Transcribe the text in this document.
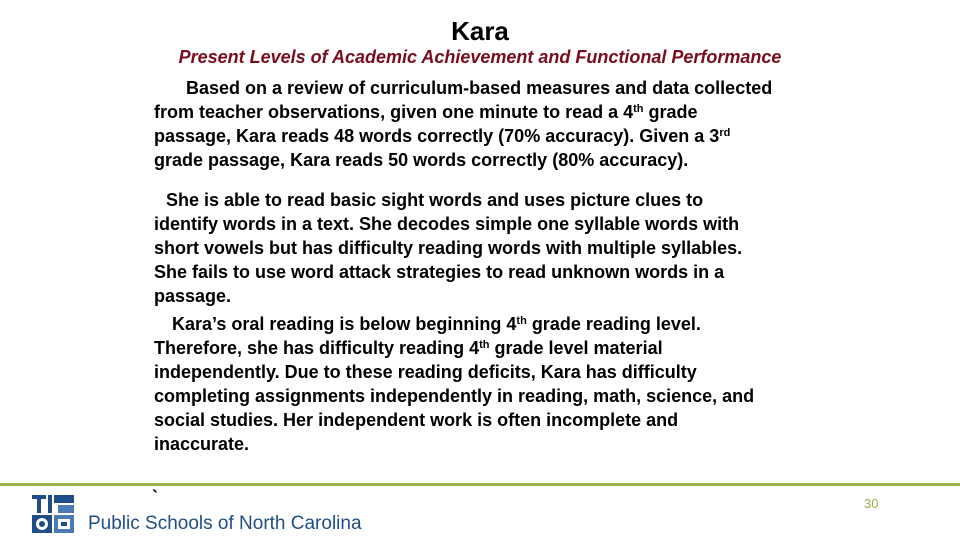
Kara
Present Levels of Academic Achievement and Functional Performance
Based on a review of curriculum-based measures and data collected
from teacher observations, given one minute to read a 4th grade
passage, Kara reads 48 words correctly (70% accuracy). Given a 3rd
grade passage, Kara reads 50 words correctly (80% accuracy).
She is able to read basic sight words and uses picture clues to
identify words in a text. She decodes simple one syllable words with
short vowels but has difficulty reading words with multiple syllables.
She fails to use word attack strategies to read unknown words in a
passage.
Kara’s oral reading is below beginning 4th grade reading level.
Therefore, she has difficulty reading 4th grade level material
independently. Due to these reading deficits, Kara has difficulty
completing assignments independently in reading, math, science, and
social studies. Her independent work is often incomplete and
inaccurate.
`
Public Schools of North Carolina
30
